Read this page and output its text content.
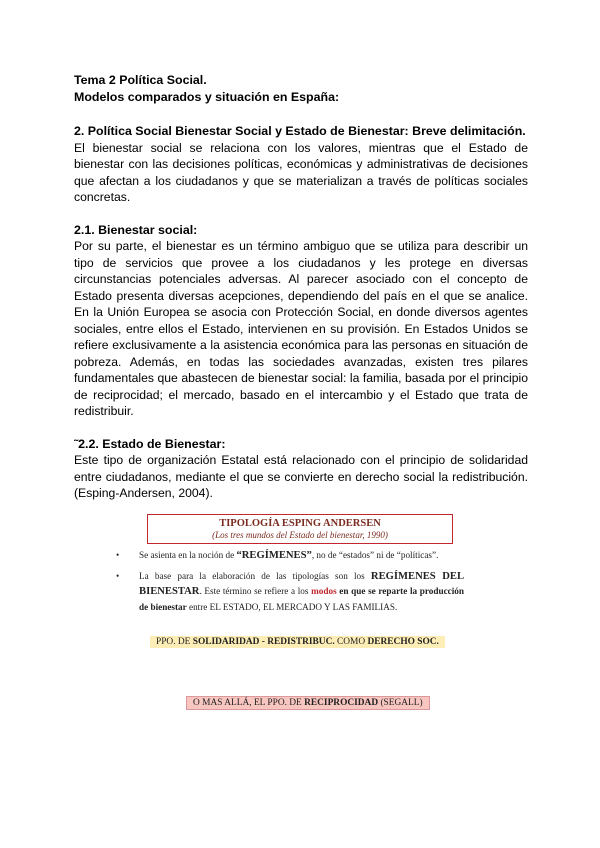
Tema 2 Política Social.

Modelos comparados y situación en España:

2. Política Social Bienestar Social y Estado de Bienestar: Breve delimitación.

El bienestar social se relaciona con los valores, mientras que el Estado de bienestar con las decisiones políticas, económicas y administrativas de decisiones que afectan a los ciudadanos y que se materializan a través de políticas sociales concretas.

2.1. Bienestar social:

Por su parte, el bienestar es un término ambiguo que se utiliza para describir un tipo de servicios que provee a los ciudadanos y les protege en diversas circunstancias potenciales adversas. Al parecer asociado con el concepto de Estado presenta diversas acepciones, dependiendo del país en el que se analice. En la Unión Europea se asocia con Protección Social, en donde diversos agentes sociales, entre ellos el Estado, intervienen en su provisión. En Estados Unidos se refiere exclusivamente a la asistencia económica para las personas en situación de pobreza. Además, en todas las sociedades avanzadas, existen tres pilares fundamentales que abastecen de bienestar social: la familia, basada por el principio de reciprocidad; el mercado, basado en el intercambio y el Estado que trata de redistribuir.

˜2.2. Estado de Bienestar:

Este tipo de organización Estatal está relacionado con el principio de solidaridad entre ciudadanos, mediante el que se convierte en derecho social la redistribución. (Esping-Andersen, 2004).

TIPOLOGÍA ESPING ANDERSEN
(Los tres mundos del Estado del bienestar, 1990)

• Se asienta en la noción de “REGÍMENES”, no de “estados” ni de “políticas”.

• La base para la elaboración de las tipologías son los REGÍMENES DEL BIENESTAR. Este término se refiere a los modos en que se reparte la producción de bienestar entre EL ESTADO, EL MERCADO Y LAS FAMILIAS.

PPO. DE SOLIDARIDAD - REDISTRIBUC. COMO DERECHO SOC.
O MAS ALLÁ, EL PPO. DE RECIPROCIDAD (SEGALL)
